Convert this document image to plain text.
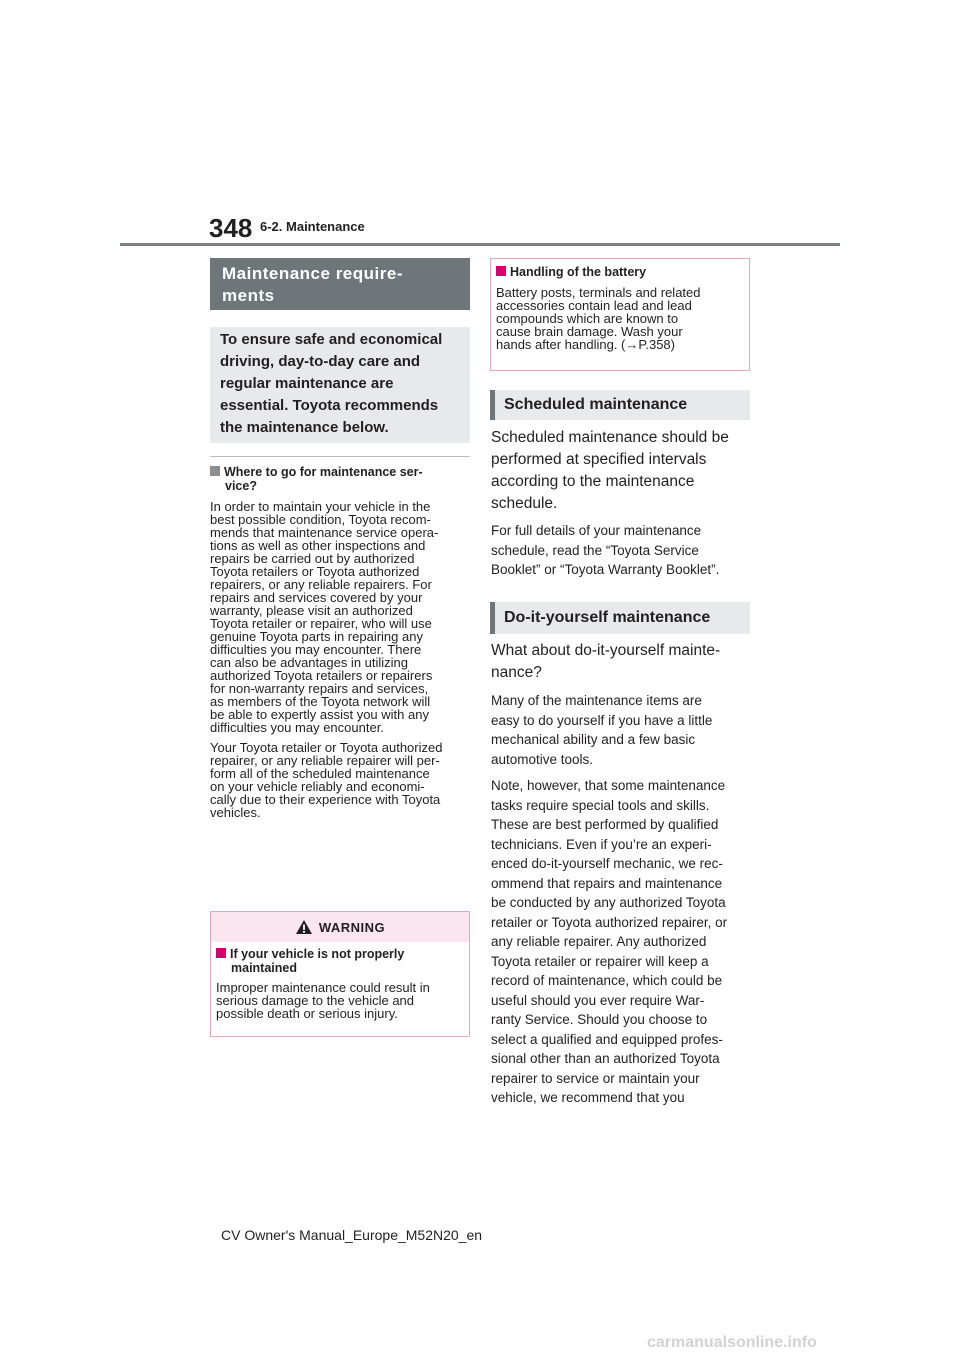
348 6-2. Maintenance
Maintenance require-
ments
To ensure safe and economical
driving, day-to-day care and
regular maintenance are
essential. Toyota recommends
the maintenance below.
Where to go for maintenance ser-
vice?
In order to maintain your vehicle in the
best possible condition, Toyota recom-
mends that maintenance service opera-
tions as well as other inspections and
repairs be carried out by authorized
Toyota retailers or Toyota authorized
repairers, or any reliable repairers. For
repairs and services covered by your
warranty, please visit an authorized
Toyota retailer or repairer, who will use
genuine Toyota parts in repairing any
difficulties you may encounter. There
can also be advantages in utilizing
authorized Toyota retailers or repairers
for non-warranty repairs and services,
as members of the Toyota network will
be able to expertly assist you with any
difficulties you may encounter.
Your Toyota retailer or Toyota authorized
repairer, or any reliable repairer will per-
form all of the scheduled maintenance
on your vehicle reliably and economi-
cally due to their experience with Toyota
vehicles.
WARNING
If your vehicle is not properly
maintained
Improper maintenance could result in
serious damage to the vehicle and
possible death or serious injury.
Handling of the battery
Battery posts, terminals and related
accessories contain lead and lead
compounds which are known to
cause brain damage. Wash your
hands after handling. (→P.358)
Scheduled maintenance
Scheduled maintenance should be
performed at specified intervals
according to the maintenance
schedule.
For full details of your maintenance
schedule, read the “Toyota Service
Booklet” or “Toyota Warranty Booklet”.
Do-it-yourself maintenance
What about do-it-yourself mainte-
nance?
Many of the maintenance items are
easy to do yourself if you have a little
mechanical ability and a few basic
automotive tools.
Note, however, that some maintenance
tasks require special tools and skills.
These are best performed by qualified
technicians. Even if you’re an experi-
enced do-it-yourself mechanic, we rec-
ommend that repairs and maintenance
be conducted by any authorized Toyota
retailer or Toyota authorized repairer, or
any reliable repairer. Any authorized
Toyota retailer or repairer will keep a
record of maintenance, which could be
useful should you ever require War-
ranty Service. Should you choose to
select a qualified and equipped profes-
sional other than an authorized Toyota
repairer to service or maintain your
vehicle, we recommend that you
CV Owner's Manual_Europe_M52N20_en
carmanualsonline.info
